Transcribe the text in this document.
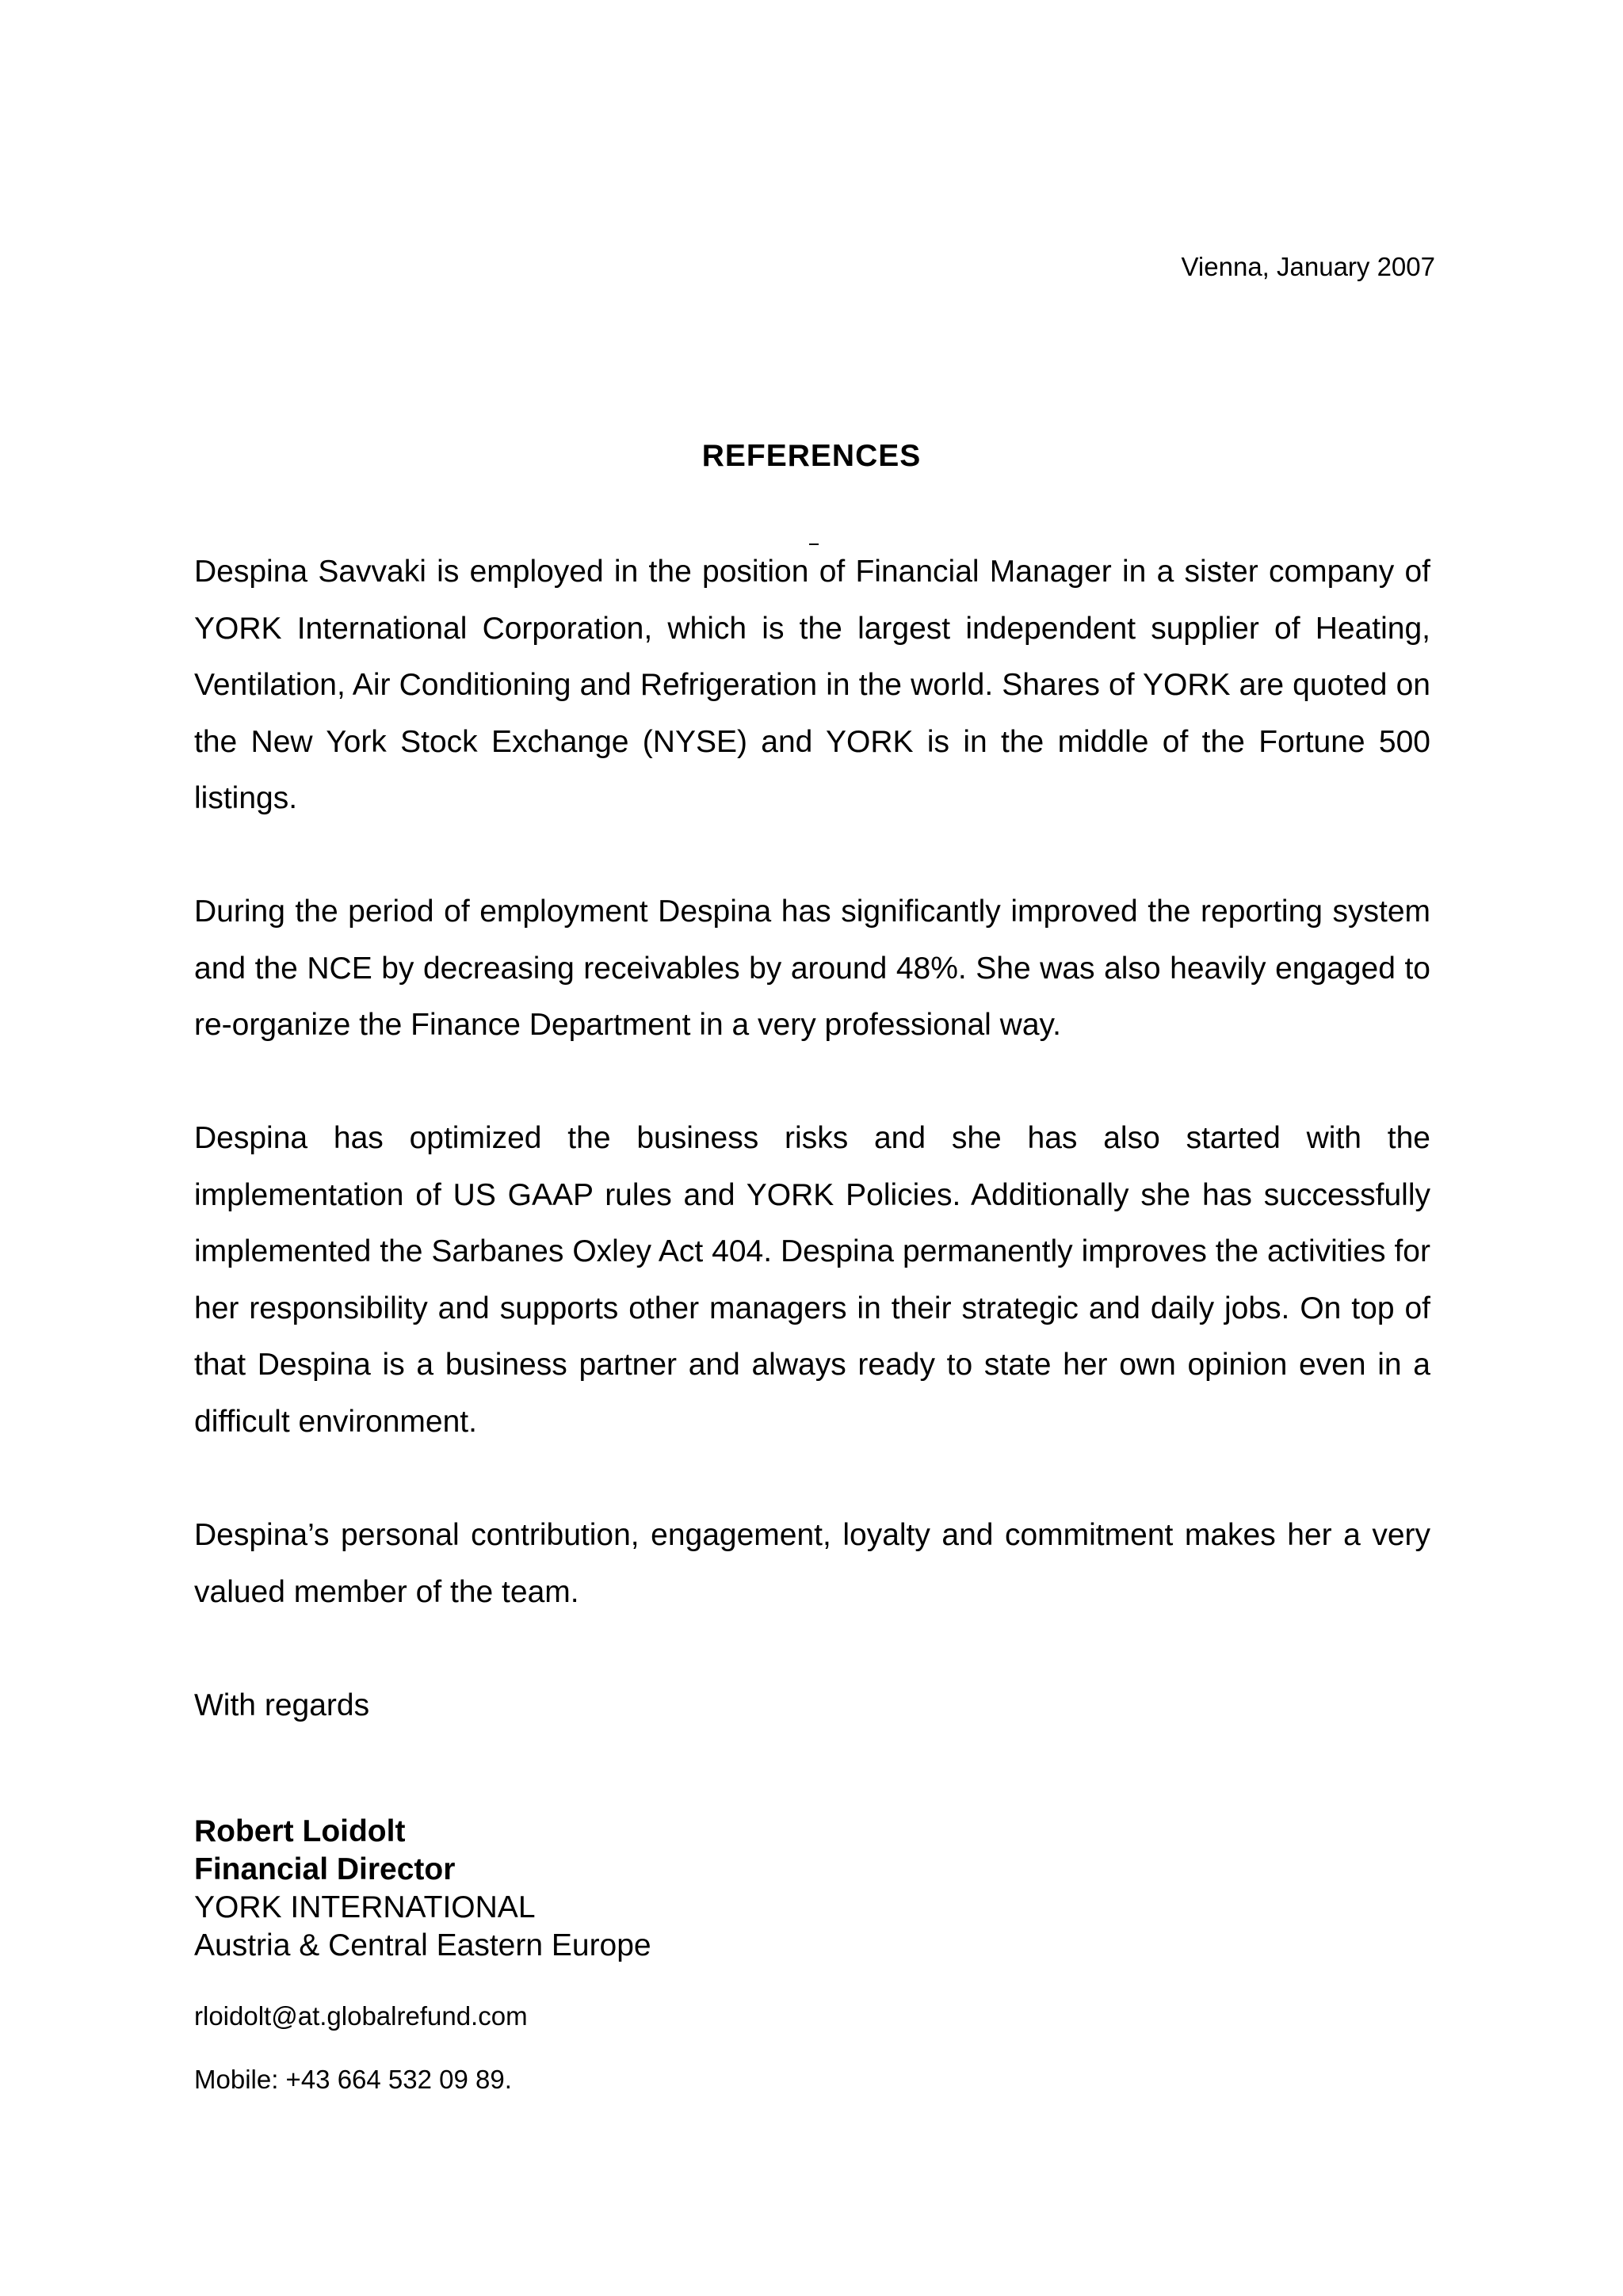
Vienna, January 2007
REFERENCES

Despina Savvaki is employed in the position of Financial Manager in a sister company of YORK International Corporation, which is the largest independent supplier of Heating, Ventilation, Air Conditioning and Refrigeration in the world. Shares of YORK are quoted on the New York Stock Exchange (NYSE) and YORK is in the middle of the Fortune 500 listings.

During the period of employment Despina has significantly improved the reporting system and the NCE by decreasing receivables by around 48%. She was also heavily engaged to re-organize the Finance Department in a very professional way.

Despina has optimized the business risks and she has also started with the implementation of US GAAP rules and YORK Policies. Additionally she has successfully implemented the Sarbanes Oxley Act 404. Despina permanently improves the activities for her responsibility and supports other managers in their strategic and daily jobs. On top of that Despina is a business partner and always ready to state her own opinion even in a difficult environment.

Despina’s personal contribution, engagement, loyalty and commitment makes her a very valued member of the team.

With regards

Robert Loidolt
Financial Director
YORK INTERNATIONAL
Austria & Central Eastern Europe
rloidolt@at.globalrefund.com
Mobile: +43 664 532 09 89.
